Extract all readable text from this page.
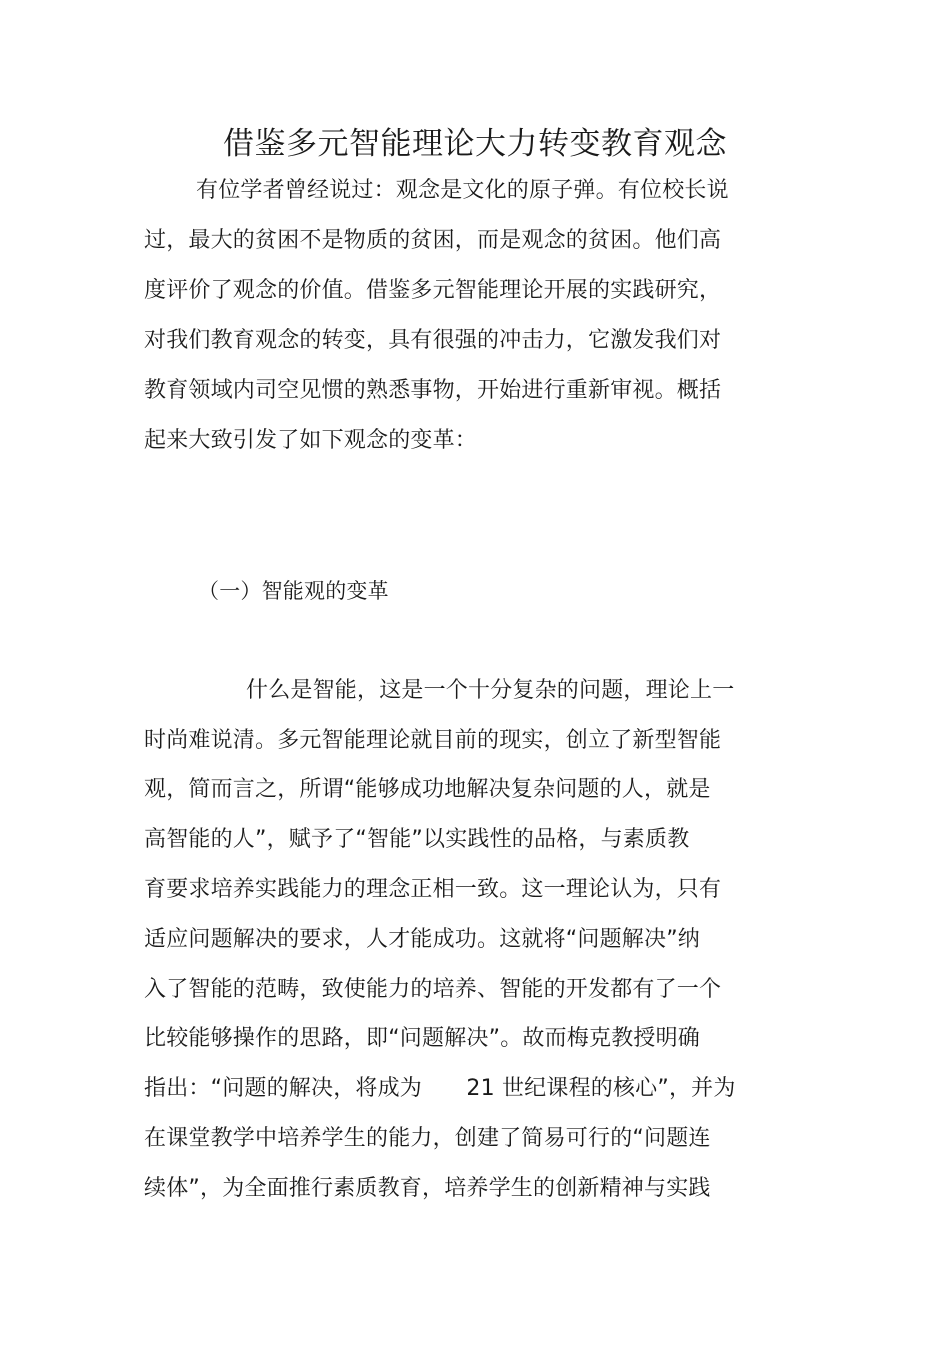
借鉴多元智能理论大力转变教育观念
有位学者曾经说过：观念是文化的原子弹。有位校长说
过，最大的贫困不是物质的贫困，而是观念的贫困。他们高
度评价了观念的价值。借鉴多元智能理论开展的实践研究，
对我们教育观念的转变，具有很强的冲击力，它激发我们对
教育领域内司空见惯的熟悉事物，开始进行重新审视。概括
起来大致引发了如下观念的变革：
（一）智能观的变革
什么是智能，这是一个十分复杂的问题，理论上一
时尚难说清。多元智能理论就目前的现实，创立了新型智能
观，简而言之，所谓“能够成功地解决复杂问题的人，就是
高智能的人”，赋予了“智能”以实践性的品格，与素质教
育要求培养实践能力的理念正相一致。这一理论认为，只有
适应问题解决的要求，人才能成功。这就将“问题解决”纳
入了智能的范畴，致使能力的培养、智能的开发都有了一个
比较能够操作的思路，即“问题解决”。故而梅克教授明确
指出：“问题的解决，将成为　　21 世纪课程的核心”，并为
在课堂教学中培养学生的能力，创建了简易可行的“问题连
续体”，为全面推行素质教育，培养学生的创新精神与实践
